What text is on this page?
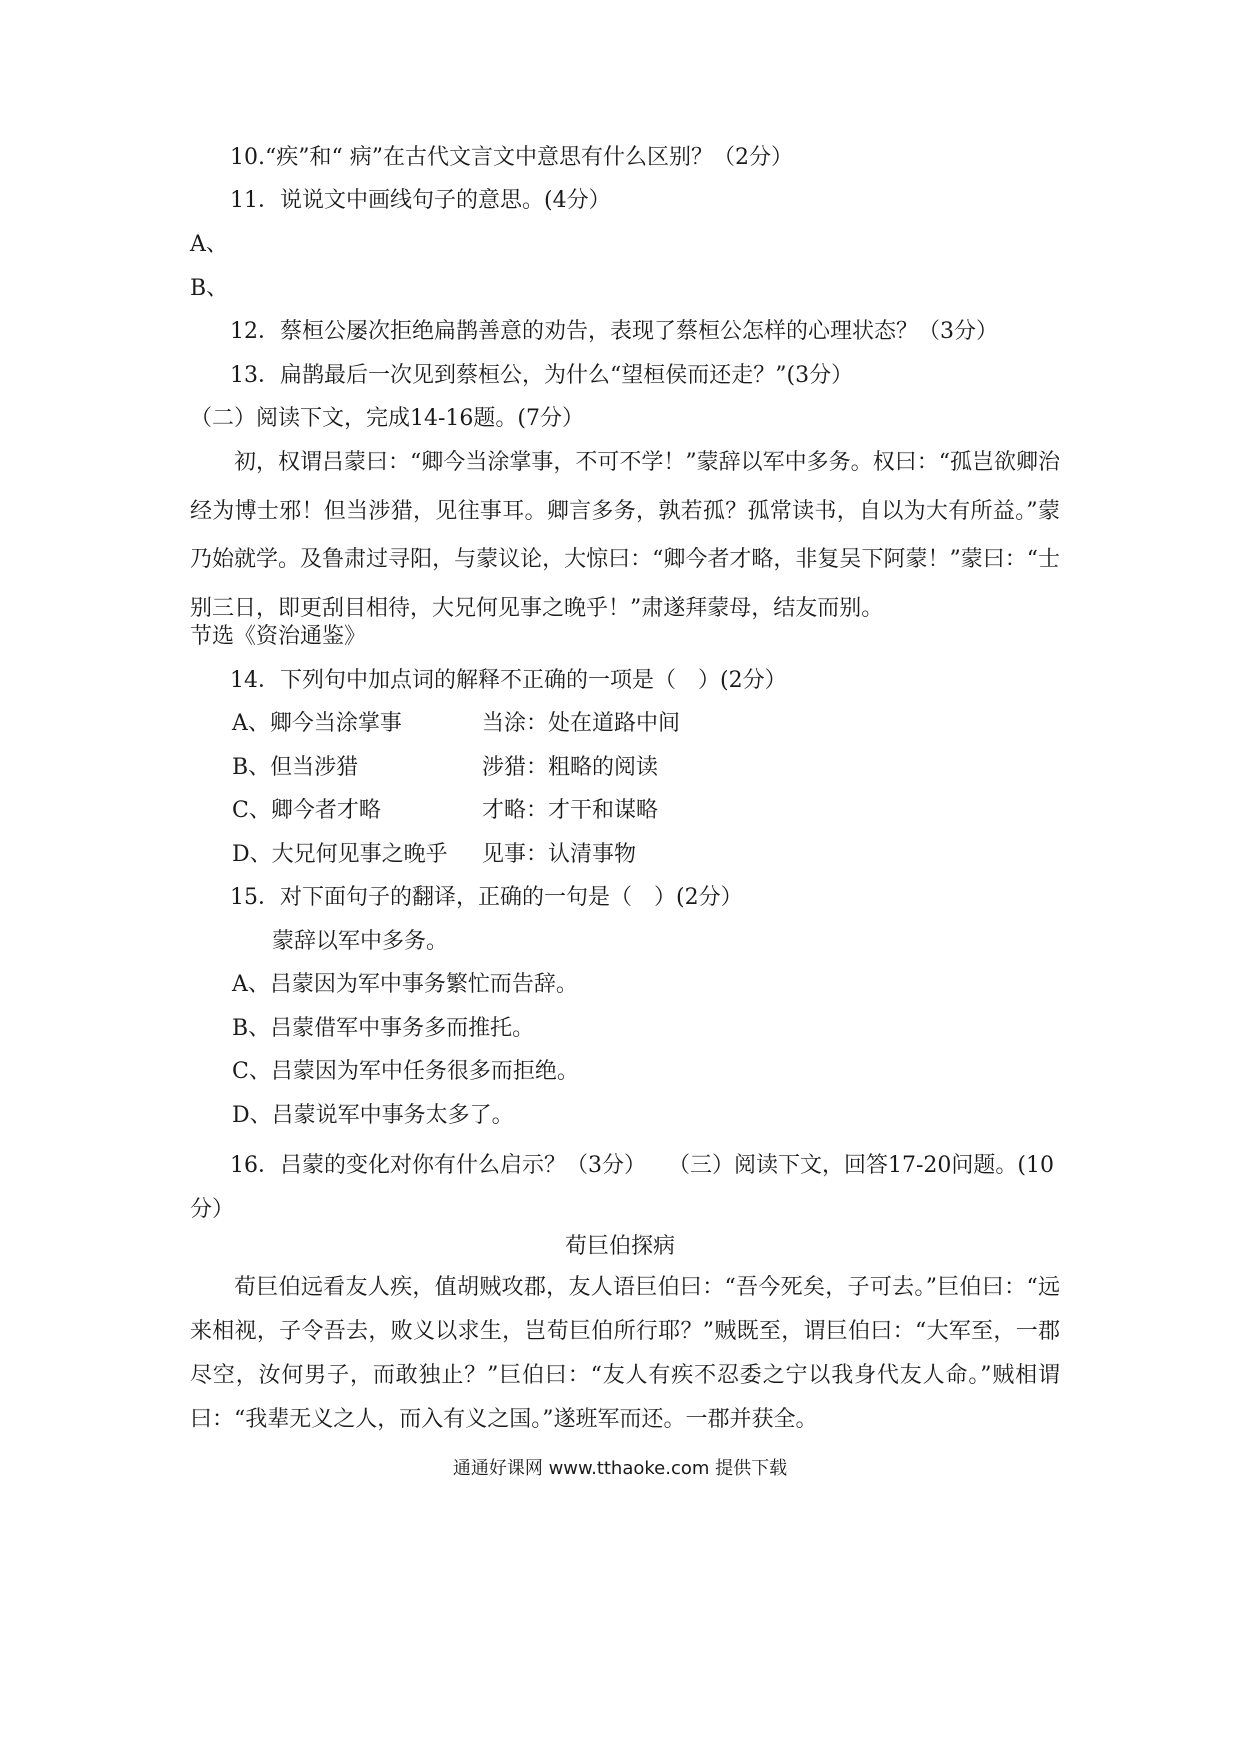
10.“疾”和“ 病”在古代文言文中意思有什么区别？（2分）
11．说说文中画线句子的意思。(4分）
A、
B、
12．蔡桓公屡次拒绝扁鹊善意的劝告，表现了蔡桓公怎样的心理状态？（3分）
13．扁鹊最后一次见到蔡桓公，为什么“望桓侯而还走？”(3分）
（二）阅读下文，完成14-16题。(7分）

初，权谓吕蒙曰：“卿今当涂掌事，不可不学！”蒙辞以军中多务。权曰：“孤岂欲卿治经为博士邪！但当涉猎，见往事耳。卿言多务，孰若孤？孤常读书，自以为大有所益。”蒙乃始就学。及鲁肃过寻阳，与蒙议论，大惊曰：“卿今者才略，非复吴下阿蒙！”蒙曰：“士别三日，即更刮目相待，大兄何见事之晚乎！”肃遂拜蒙母，结友而别。

节选《资治通鉴》
14．下列句中加点词的解释不正确的一项是（　）(2分）
A、卿今当涂掌事	当涂：处在道路中间
B、但当涉猎	涉猎：粗略的阅读
C、卿今者才略	才略：才干和谋略
D、大兄何见事之晚乎 见事：认清事物
15．对下面句子的翻译，正确的一句是（　）(2分）
蒙辞以军中多务。
A、吕蒙因为军中事务繁忙而告辞。
B、吕蒙借军中事务多而推托。
C、吕蒙因为军中任务很多而拒绝。
D、吕蒙说军中事务太多了。
16．吕蒙的变化对你有什么启示？（3分）　　（三）阅读下文，回答17-20问题。(10分）
荀巨伯探病

荀巨伯远看友人疾，值胡贼攻郡，友人语巨伯曰：“吾今死矣，子可去。”巨伯曰：“远来相视，子令吾去，败义以求生，岂荀巨伯所行耶？”贼既至，谓巨伯曰：“大军至，一郡尽空，汝何男子，而敢独止？”巨伯曰：“友人有疾不忍委之宁以我身代友人命。”贼相谓曰：“我辈无义之人，而入有义之国。”遂班军而还。一郡并获全。

通通好课网 www.tthaoke.com 提供下载
